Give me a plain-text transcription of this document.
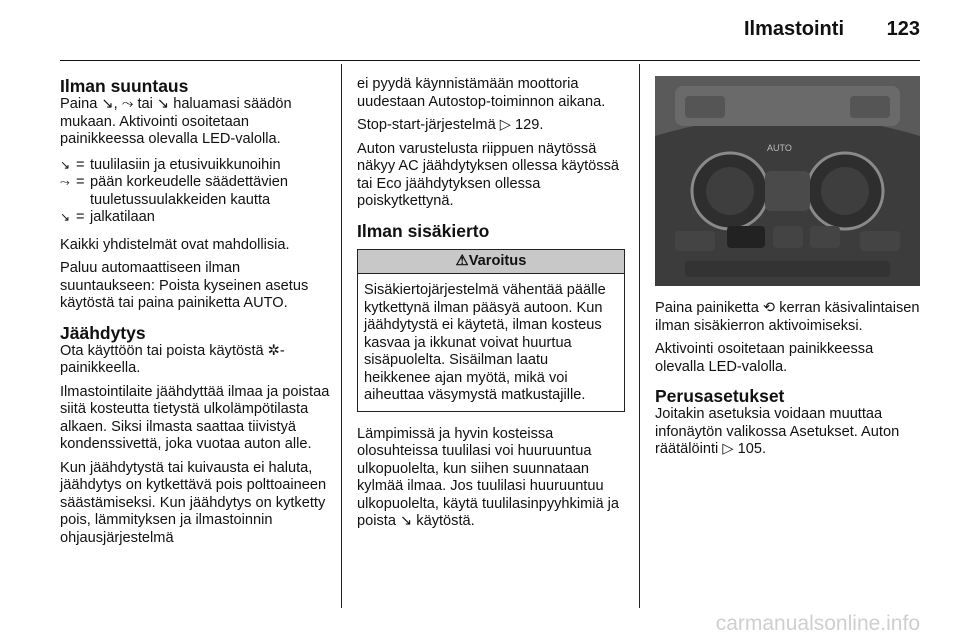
Ilmastointi 123
Ilman suuntaus

Paina ↘, ⤳ tai ↘ haluamasi säädön mukaan. Aktivointi osoitetaan painikkeessa olevalla LED-valolla.

↘ = tuulilasiin ja etusivuikkunoihin
⤳ = pään korkeudelle säädettävien tuuletussuulakkeiden kautta
↘ = jalkatilaan

Kaikki yhdistelmät ovat mahdollisia.

Paluu automaattiseen ilman suuntaukseen: Poista kyseinen asetus käytöstä tai paina painiketta AUTO.

Jäähdytys

Ota käyttöön tai poista käytöstä ✲-painikkeella.

Ilmastointilaite jäähdyttää ilmaa ja poistaa siitä kosteutta tietystä ulkolämpötilasta alkaen. Siksi ilmasta saattaa tiivistyä kondenssivettä, joka vuotaa auton alle.

Kun jäähdytystä tai kuivausta ei haluta, jäähdytys on kytkettävä pois polttoaineen säästämiseksi. Kun jäähdytys on kytketty pois, lämmityksen ja ilmastoinnin ohjausjärjestelmä

ei pyydä käynnistämään moottoria uudestaan Autostop-toiminnon aikana.

Stop-start-järjestelmä ▷ 129.

Auton varustelusta riippuen näytössä näkyy AC jäähdytyksen ollessa käytössä tai Eco jäähdytyksen ollessa poiskytkettynä.

Ilman sisäkierto
⚠Varoitus
Sisäkiertojärjestelmä vähentää päälle kytkettynä ilman pääsyä autoon. Kun jäähdytystä ei käytetä, ilman kosteus kasvaa ja ikkunat voivat huurtua sisäpuolelta. Sisäilman laatu heikkenee ajan myötä, mikä voi aiheuttaa väsymystä matkustajille.

Lämpimissä ja hyvin kosteissa olosuhteissa tuulilasi voi huuruuntua ulkopuolelta, kun siihen suunnataan kylmää ilmaa. Jos tuulilasi huuruuntuu ulkopuolelta, käytä tuulilasinpyyhkimiä ja poista ↘ käytöstä.

AUTO

Paina painiketta ⟲ kerran käsivalintaisen ilman sisäkierron aktivoimiseksi.

Aktivointi osoitetaan painikkeessa olevalla LED-valolla.

Perusasetukset

Joitakin asetuksia voidaan muuttaa infonäytön valikossa Asetukset. Auton räätälöinti ▷ 105.

carmanualsonline.info
